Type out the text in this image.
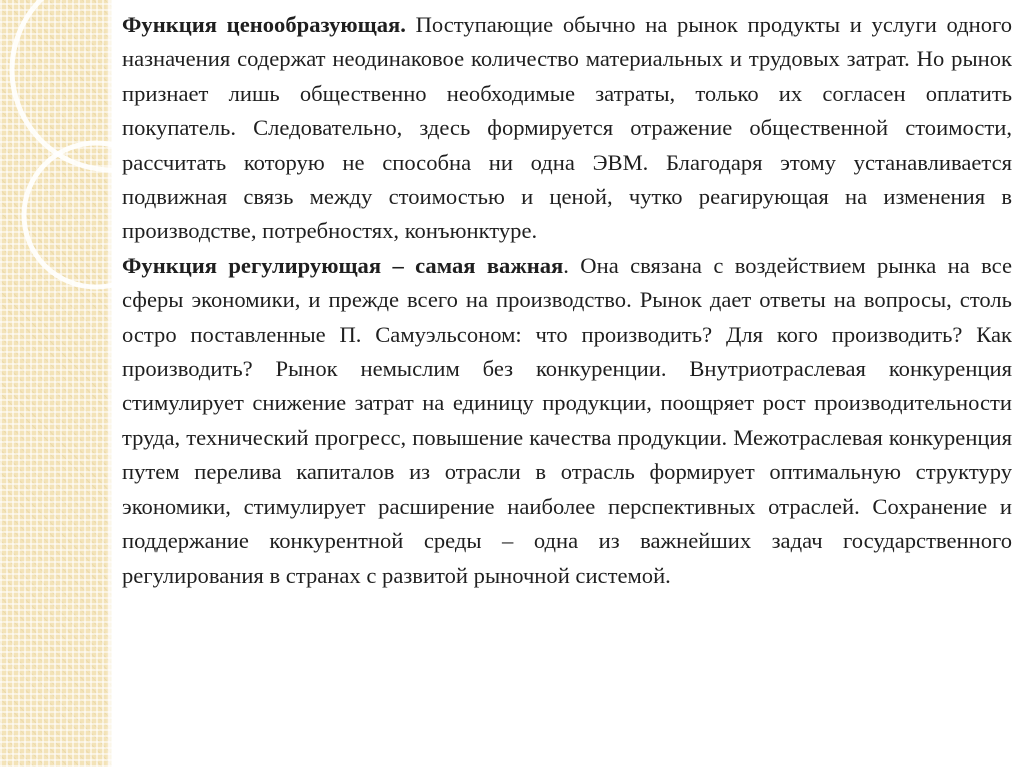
Функция ценообразующая. Поступающие обычно на рынок продукты и услуги одного назначения содержат неодинаковое количество материальных и трудовых затрат. Но рынок признает лишь общественно необходимые затраты, только их согласен оплатить покупатель. Следовательно, здесь формируется отражение общественной стоимости, рассчитать которую не способна ни одна ЭВМ. Благодаря этому устанавливается подвижная связь между стоимостью и ценой, чутко реагирующая на изменения в производстве, потребностях, конъюнктуре.

Функция регулирующая – самая важная. Она связана с воздействием рынка на все сферы экономики, и прежде всего на производство. Рынок дает ответы на вопросы, столь остро поставленные П. Самуэльсоном: что производить? Для кого производить? Как производить? Рынок немыслим без конкуренции. Внутриотраслевая конкуренция стимулирует снижение затрат на единицу продукции, поощряет рост производительности труда, технический прогресс, повышение качества продукции. Межотраслевая конкуренция путем перелива капиталов из отрасли в отрасль формирует оптимальную структуру экономики, стимулирует расширение наиболее перспективных отраслей. Сохранение и поддержание конкурентной среды – одна из важнейших задач государственного регулирования в странах с развитой рыночной системой.
